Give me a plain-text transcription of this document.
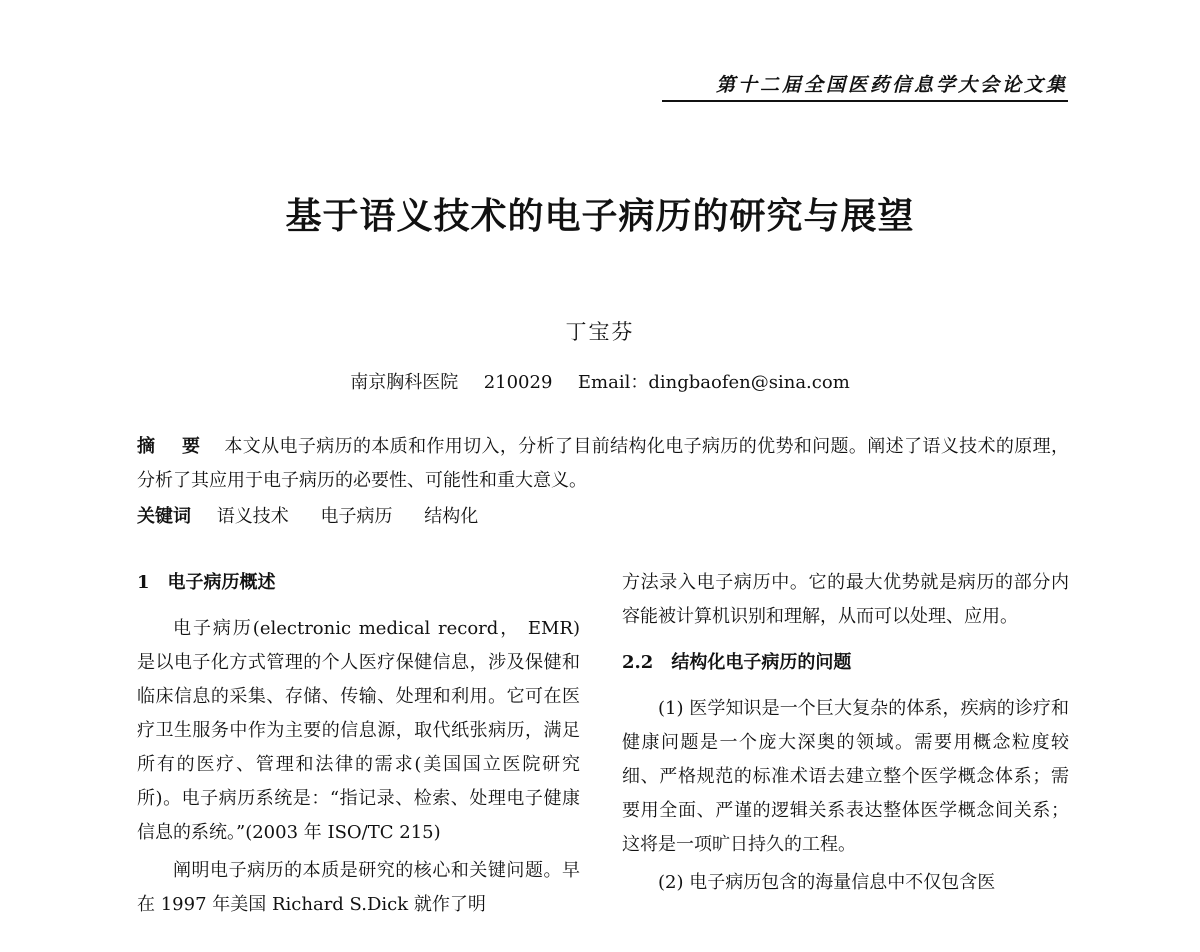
第十二届全国医药信息学大会论文集
基于语义技术的电子病历的研究与展望
丁宝芬
南京胸科医院 210029 Email：dingbaofen@sina.com
摘 要 本文从电子病历的本质和作用切入，分析了目前结构化电子病历的优势和问题。阐述了语义技术的原理，分析了其应用于电子病历的必要性、可能性和重大意义。
关键词 语义技术 电子病历 结构化
1 电子病历概述

电子病历(electronic medical record， EMR)是以电子化方式管理的个人医疗保健信息，涉及保健和临床信息的采集、存储、传输、处理和利用。它可在医疗卫生服务中作为主要的信息源，取代纸张病历，满足所有的医疗、管理和法律的需求(美国国立医院研究所)。电子病历系统是：“指记录、检索、处理电子健康信息的系统。”(2003 年 ISO/TC 215)

阐明电子病历的本质是研究的核心和关键问题。早在 1997 年美国 Richard S.Dick 就作了明

方法录入电子病历中。它的最大优势就是病历的部分内容能被计算机识别和理解，从而可以处理、应用。

2.2 结构化电子病历的问题

(1) 医学知识是一个巨大复杂的体系，疾病的诊疗和健康问题是一个庞大深奥的领域。需要用概念粒度较细、严格规范的标准术语去建立整个医学概念体系；需要用全面、严谨的逻辑关系表达整体医学概念间关系；这将是一项旷日持久的工程。

(2) 电子病历包含的海量信息中不仅包含医
